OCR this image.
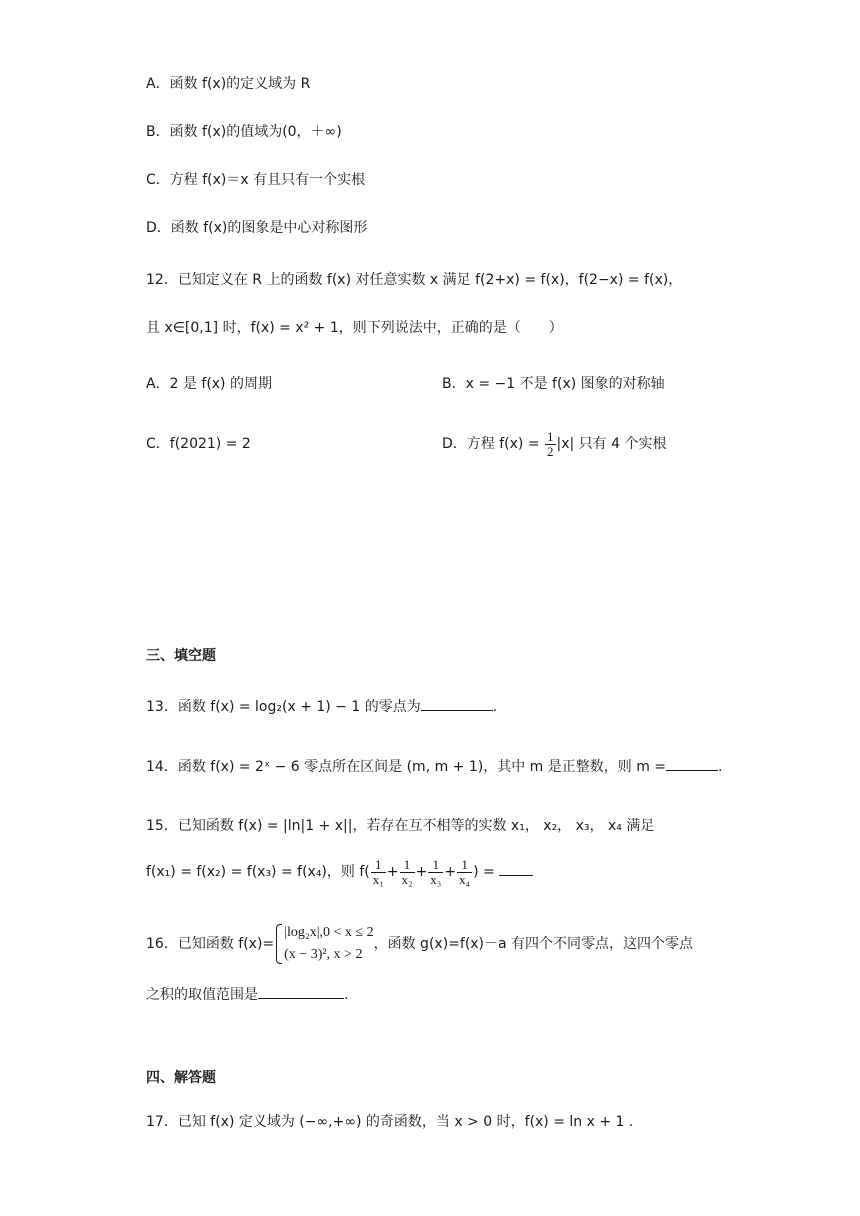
A．函数 f(x)的定义域为 R
B．函数 f(x)的值域为(0，＋∞)
C．方程 f(x)＝x 有且只有一个实根
D．函数 f(x)的图象是中心对称图形
12．已知定义在 R 上的函数 f(x) 对任意实数 x 满足 f(2+x) = f(x)，f(2−x) = f(x)，
且 x∈[0,1] 时，f(x) = x² + 1，则下列说法中，正确的是（　　）
A．2 是 f(x) 的周期	B．x = −1 不是 f(x) 图象的对称轴
C．f(2021) = 2	D．方程 $f(x) = \frac{1}{2} |x|$ 只有 4 个实根
三、填空题
13．函数 f(x) = log₂(x + 1) − 1 的零点为	.
14．函数 f(x) = 2ˣ − 6 零点所在区间是 (m, m + 1)，其中 m 是正整数，则 m =	.
15．已知函数 f(x) = |ln|1 + x||，若存在互不相等的实数 x₁， x₂， x₃， x₄ 满足
f(x₁) = f(x₂) = f(x₃) = f(x₄)，则 $f( \frac{1}{\text{x₁}} + \frac{1}{\text{x₂}} + \frac{1}{\text{x₃}} + \frac{1}{\text{x₄}}$ ) =
16．已知函数 f(x)=
|log₂x|,0 < x ≤ 2
(x − 3)², x > 2
，函数 g(x)=f(x)－a 有四个不同零点，这四个零点
之积的取值范围是	.
四、解答题
17．已知 f(x) 定义域为 (−∞,+∞) 的奇函数，当 x > 0 时，f(x) = ln x + 1 .
